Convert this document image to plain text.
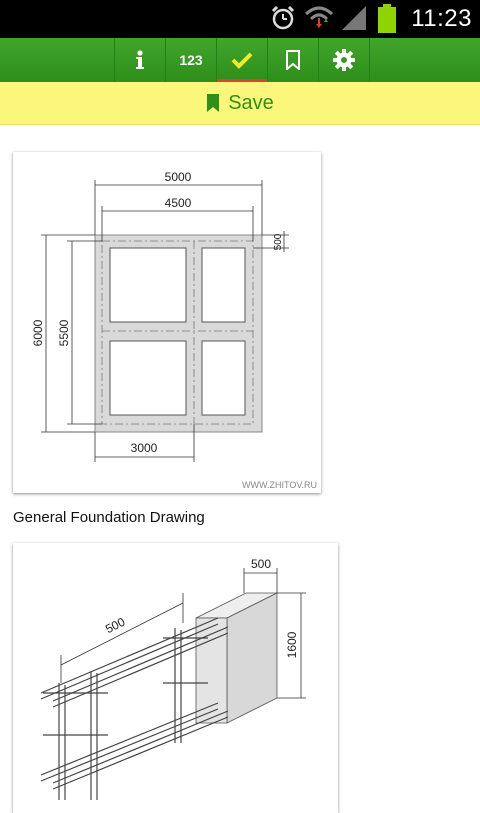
11:23
123
Save
5000
4500
3000
6000 5500
500
WWW.ZHITOV.RU
General Foundation Drawing
500
500
1600
